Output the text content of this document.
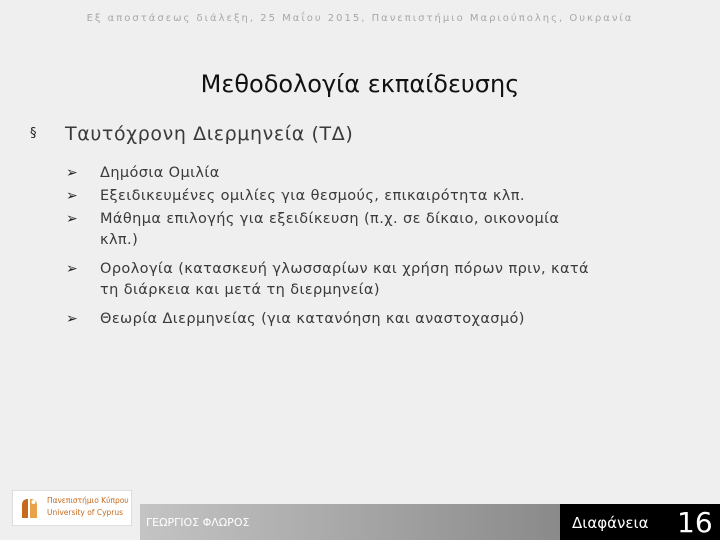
Εξ αποστάσεως διάλεξη, 25 Μαΐου 2015, Πανεπιστήμιο Μαριούπολης, Ουκρανία
Μεθοδολογία εκπαίδευσης
§ Ταυτόχρονη Διερμηνεία (ΤΔ)
➢ Δημόσια Ομιλία
➢ Εξειδικευμένες ομιλίες για θεσμούς, επικαιρότητα κλπ.
➢ Μάθημα επιλογής για εξειδίκευση (π.χ. σε δίκαιο, οικονομία
κλπ.)
➢ Ορολογία (κατασκευή γλωσσαρίων και χρήση πόρων πριν, κατά
τη διάρκεια και μετά τη διερμηνεία)
➢ Θεωρία Διερμηνείας (για κατανόηση και αναστοχασμό)
ΓΕΩΡΓΙΟΣ ΦΛΩΡΟΣ	Διαφάνεια 16
Πανεπιστήμιο Κύπρου
University of Cyprus
